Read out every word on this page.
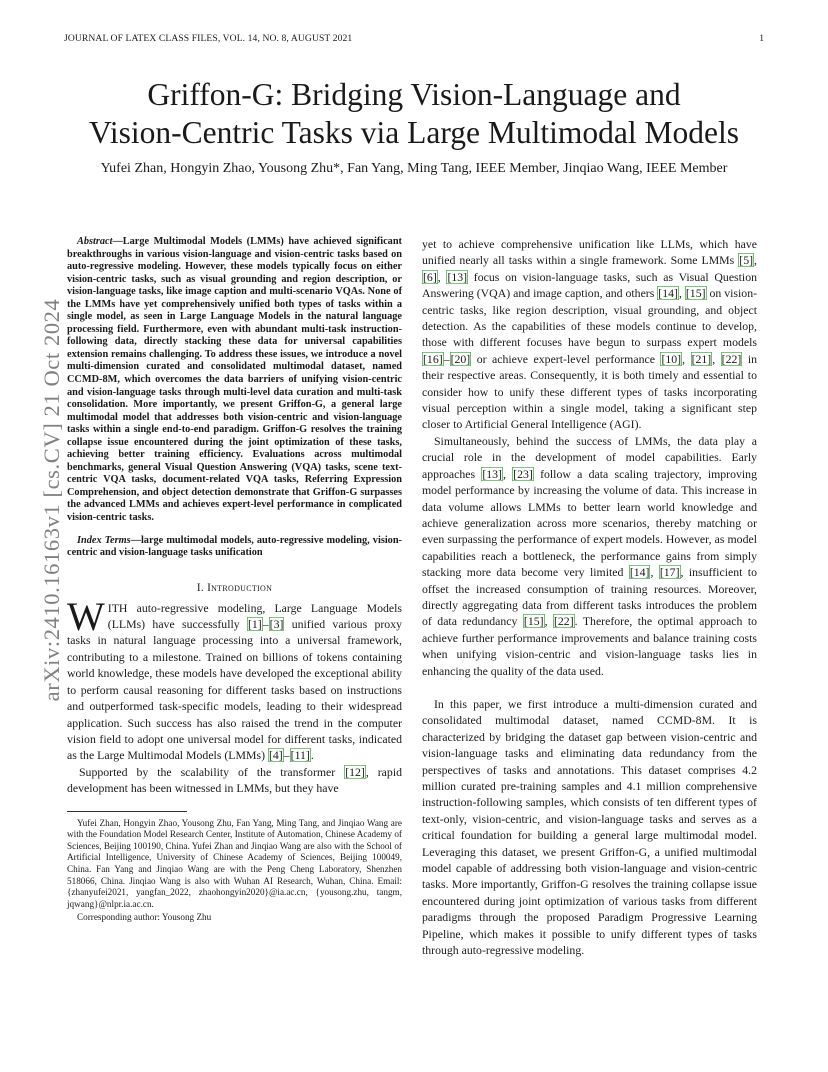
JOURNAL OF LATEX CLASS FILES, VOL. 14, NO. 8, AUGUST 2021	1
Griffon-G: Bridging Vision-Language and
Vision-Centric Tasks via Large Multimodal Models
Yufei Zhan, Hongyin Zhao, Yousong Zhu*, Fan Yang, Ming Tang, IEEE Member, Jinqiao Wang, IEEE Member
arXiv:2410.16163v1 [cs.CV] 21 Oct 2024

Abstract—Large Multimodal Models (LMMs) have achieved significant breakthroughs in various vision-language and vision-centric tasks based on auto-regressive modeling. However, these models typically focus on either vision-centric tasks, such as visual grounding and region description, or vision-language tasks, like image caption and multi-scenario VQAs. None of the LMMs have yet comprehensively unified both types of tasks within a single model, as seen in Large Language Models in the natural language processing field. Furthermore, even with abundant multi-task instruction-following data, directly stacking these data for universal capabilities extension remains challenging. To address these issues, we introduce a novel multi-dimension curated and consolidated multimodal dataset, named CCMD-8M, which overcomes the data barriers of unifying vision-centric and vision-language tasks through multi-level data curation and multi-task consolidation. More importantly, we present Griffon-G, a general large multimodal model that addresses both vision-centric and vision-language tasks within a single end-to-end paradigm. Griffon-G resolves the training collapse issue encountered during the joint optimization of these tasks, achieving better training efficiency. Evaluations across multimodal benchmarks, general Visual Question Answering (VQA) tasks, scene text-centric VQA tasks, document-related VQA tasks, Referring Expression Comprehension, and object detection demonstrate that Griffon-G surpasses the advanced LMMs and achieves expert-level performance in complicated vision-centric tasks.

Index Terms—large multimodal models, auto-regressive modeling, vision-centric and vision-language tasks unification

I. Introduction

WITH auto-regressive modeling, Large Language Models (LLMs) have successfully [1]–[3] unified various proxy tasks in natural language processing into a universal framework, contributing to a milestone. Trained on billions of tokens containing world knowledge, these models have developed the exceptional ability to perform causal reasoning for different tasks based on instructions and outperformed task-specific models, leading to their widespread application. Such success has also raised the trend in the computer vision field to adopt one universal model for different tasks, indicated as the Large Multimodal Models (LMMs) [4]–[11].

Supported by the scalability of the transformer [12], rapid development has been witnessed in LMMs, but they have

Yufei Zhan, Hongyin Zhao, Yousong Zhu, Fan Yang, Ming Tang, and Jinqiao Wang are with the Foundation Model Research Center, Institute of Automation, Chinese Academy of Sciences, Beijing 100190, China. Yufei Zhan and Jinqiao Wang are also with the School of Artificial Intelligence, University of Chinese Academy of Sciences, Beijing 100049, China. Fan Yang and Jinqiao Wang are with the Peng Cheng Laboratory, Shenzhen 518066, China. Jinqiao Wang is also with Wuhan AI Research, Wuhan, China. Email: {zhanyufei2021, yangfan_2022, zhaohongyin2020}@ia.ac.cn, {yousong.zhu, tangm, jqwang}@nlpr.ia.ac.cn.

Corresponding author: Yousong Zhu

yet to achieve comprehensive unification like LLMs, which have unified nearly all tasks within a single framework. Some LMMs [5], [6], [13] focus on vision-language tasks, such as Visual Question Answering (VQA) and image caption, and others [14], [15] on vision-centric tasks, like region description, visual grounding, and object detection. As the capabilities of these models continue to develop, those with different focuses have begun to surpass expert models [16]–[20] or achieve expert-level performance [10], [21], [22] in their respective areas. Consequently, it is both timely and essential to consider how to unify these different types of tasks incorporating visual perception within a single model, taking a significant step closer to Artificial General Intelligence (AGI).

Simultaneously, behind the success of LMMs, the data play a crucial role in the development of model capabilities. Early approaches [13], [23] follow a data scaling trajectory, improving model performance by increasing the volume of data. This increase in data volume allows LMMs to better learn world knowledge and achieve generalization across more scenarios, thereby matching or even surpassing the performance of expert models. However, as model capabilities reach a bottleneck, the performance gains from simply stacking more data become very limited [14], [17], insufficient to offset the increased consumption of training resources. Moreover, directly aggregating data from different tasks introduces the problem of data redundancy [15], [22]. Therefore, the optimal approach to achieve further performance improvements and balance training costs when unifying vision-centric and vision-language tasks lies in enhancing the quality of the data used.

In this paper, we first introduce a multi-dimension curated and consolidated multimodal dataset, named CCMD-8M. It is characterized by bridging the dataset gap between vision-centric and vision-language tasks and eliminating data redundancy from the perspectives of tasks and annotations. This dataset comprises 4.2 million curated pre-training samples and 4.1 million comprehensive instruction-following samples, which consists of ten different types of text-only, vision-centric, and vision-language tasks and serves as a critical foundation for building a general large multimodal model. Leveraging this dataset, we present Griffon-G, a unified multimodal model capable of addressing both vision-language and vision-centric tasks. More importantly, Griffon-G resolves the training collapse issue encountered during joint optimization of various tasks from different paradigms through the proposed Paradigm Progressive Learning Pipeline, which makes it possible to unify different types of tasks through auto-regressive modeling.
